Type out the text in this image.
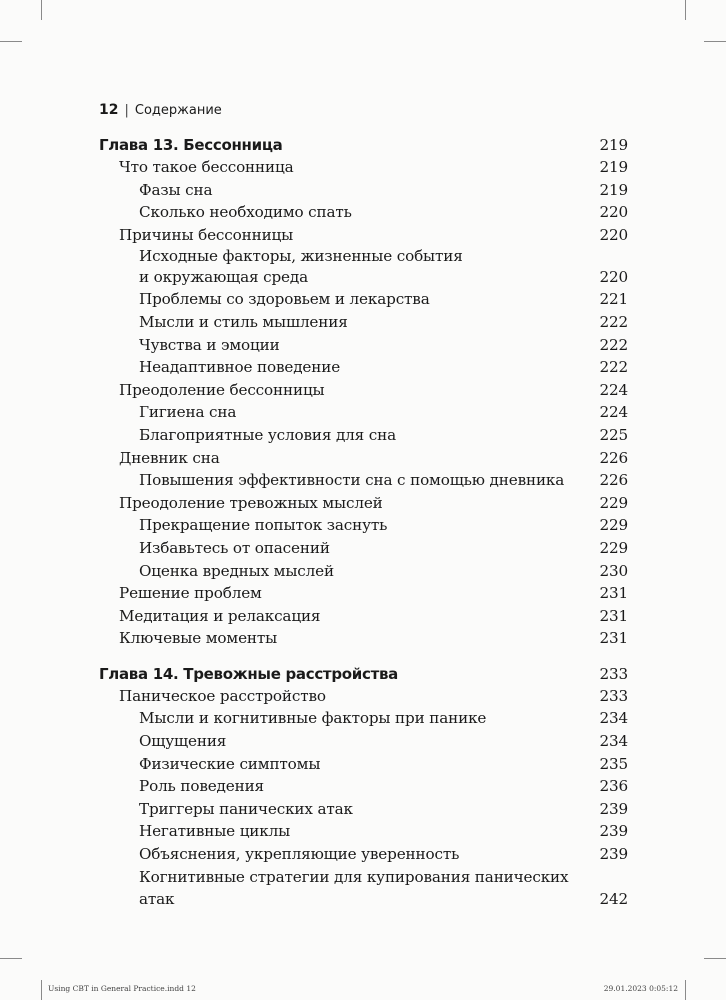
12 | Содержание
Глава 13. Бессонница	219
Что такое бессонница	219
Фазы сна	219
Сколько необходимо спать	220
Причины бессонницы	220
Исходные факторы, жизненные события
и окружающая среда	220
Проблемы со здоровьем и лекарства	221
Мысли и стиль мышления	222
Чувства и эмоции	222
Неадаптивное поведение	222
Преодоление бессонницы	224
Гигиена сна	224
Благоприятные условия для сна	225
Дневник сна	226
Повышения эффективности сна с помощью дневника	226
Преодоление тревожных мыслей	229
Прекращение попыток заснуть	229
Избавьтесь от опасений	229
Оценка вредных мыслей	230
Решение проблем	231
Медитация и релаксация	231
Ключевые моменты	231
Глава 14. Тревожные расстройства	233
Паническое расстройство	233
Мысли и когнитивные факторы при панике	234
Ощущения	234
Физические симптомы	235
Роль поведения	236
Триггеры панических атак	239
Негативные циклы	239
Объяснения, укрепляющие уверенность	239
Когнитивные стратегии для купирования панических атак	242
Using CBT in General Practice.indd 12	29.01.2023 0:05:12
